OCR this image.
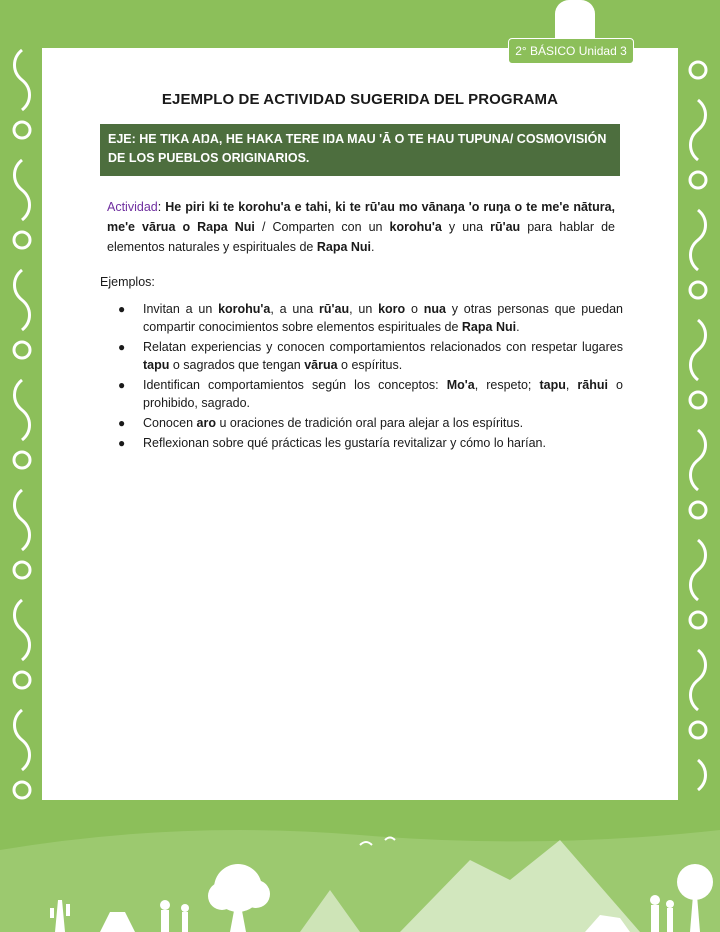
2° BÁSICO Unidad 3
EJEMPLO DE ACTIVIDAD SUGERIDA DEL PROGRAMA
EJE: HE TIKA AŊA, HE HAKA TERE IŊA MAU 'Ā O TE HAU TUPUNA/ COSMOVISIÓN DE LOS PUEBLOS ORIGINARIOS.
Actividad: He piri ki te korohu'a e tahi, ki te rū'au mo vānaŋa 'o ruŋa o te me'e nātura, me'e vārua o Rapa Nui / Comparten con un korohu'a y una rū'au para hablar de elementos naturales y espirituales de Rapa Nui.
Ejemplos:
● Invitan a un korohu'a, a una rū'au, un koro o nua y otras personas que puedan compartir conocimientos sobre elementos espirituales de Rapa Nui.
● Relatan experiencias y conocen comportamientos relacionados con respetar lugares tapu o sagrados que tengan vārua o espíritus.
● Identifican comportamientos según los conceptos: Mo'a, respeto; tapu, rāhui o prohibido, sagrado.
● Conocen aro u oraciones de tradición oral para alejar a los espíritus.
● Reflexionan sobre qué prácticas les gustaría revitalizar y cómo lo harían.
